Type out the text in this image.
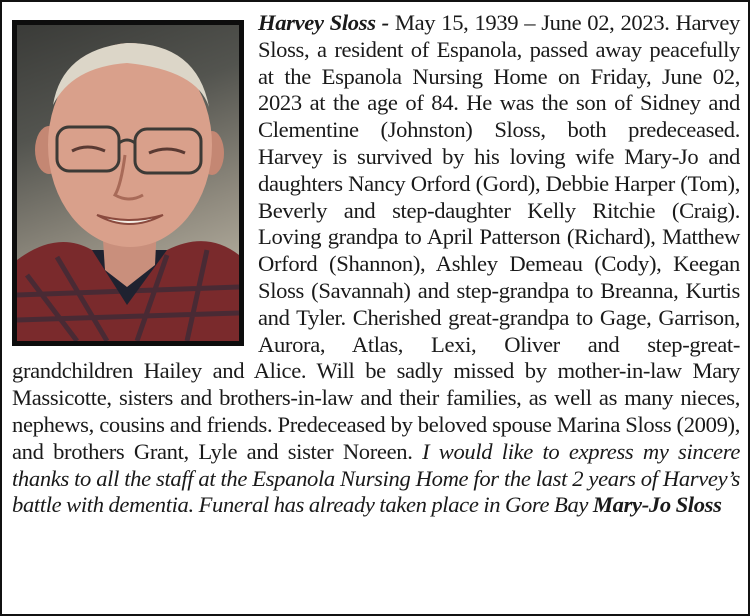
Harvey Sloss - May 15, 1939 – June 02, 2023. Harvey Sloss, a resident of Espanola, passed away peacefully at the Espanola Nursing Home on Friday, June 02, 2023 at the age of 84. He was the son of Sidney and Clementine (Johnston) Sloss, both predeceased. Harvey is survived by his loving wife Mary-Jo and daughters Nancy Orford (Gord), Debbie Harper (Tom), Beverly and step-daughter Kelly Ritchie (Craig). Loving grandpa to April Patterson (Richard), Matthew Orford (Shannon), Ashley Demeau (Cody), Keegan Sloss (Savannah) and step-grandpa to Breanna, Kurtis and Tyler. Cherished great-grandpa to Gage, Garrison, Aurora, Atlas, Lexi, Oliver and step-great-grandchildren Hailey and Alice. Will be sadly missed by mother-in-law Mary Massicotte, sisters and brothers-in-law and their families, as well as many nieces, nephews, cousins and friends. Predeceased by beloved spouse Marina Sloss (2009), and brothers Grant, Lyle and sister Noreen. I would like to express my sincere thanks to all the staff at the Espanola Nursing Home for the last 2 years of Harvey’s battle with dementia. Funeral has already taken place in Gore Bay Mary-Jo Sloss
